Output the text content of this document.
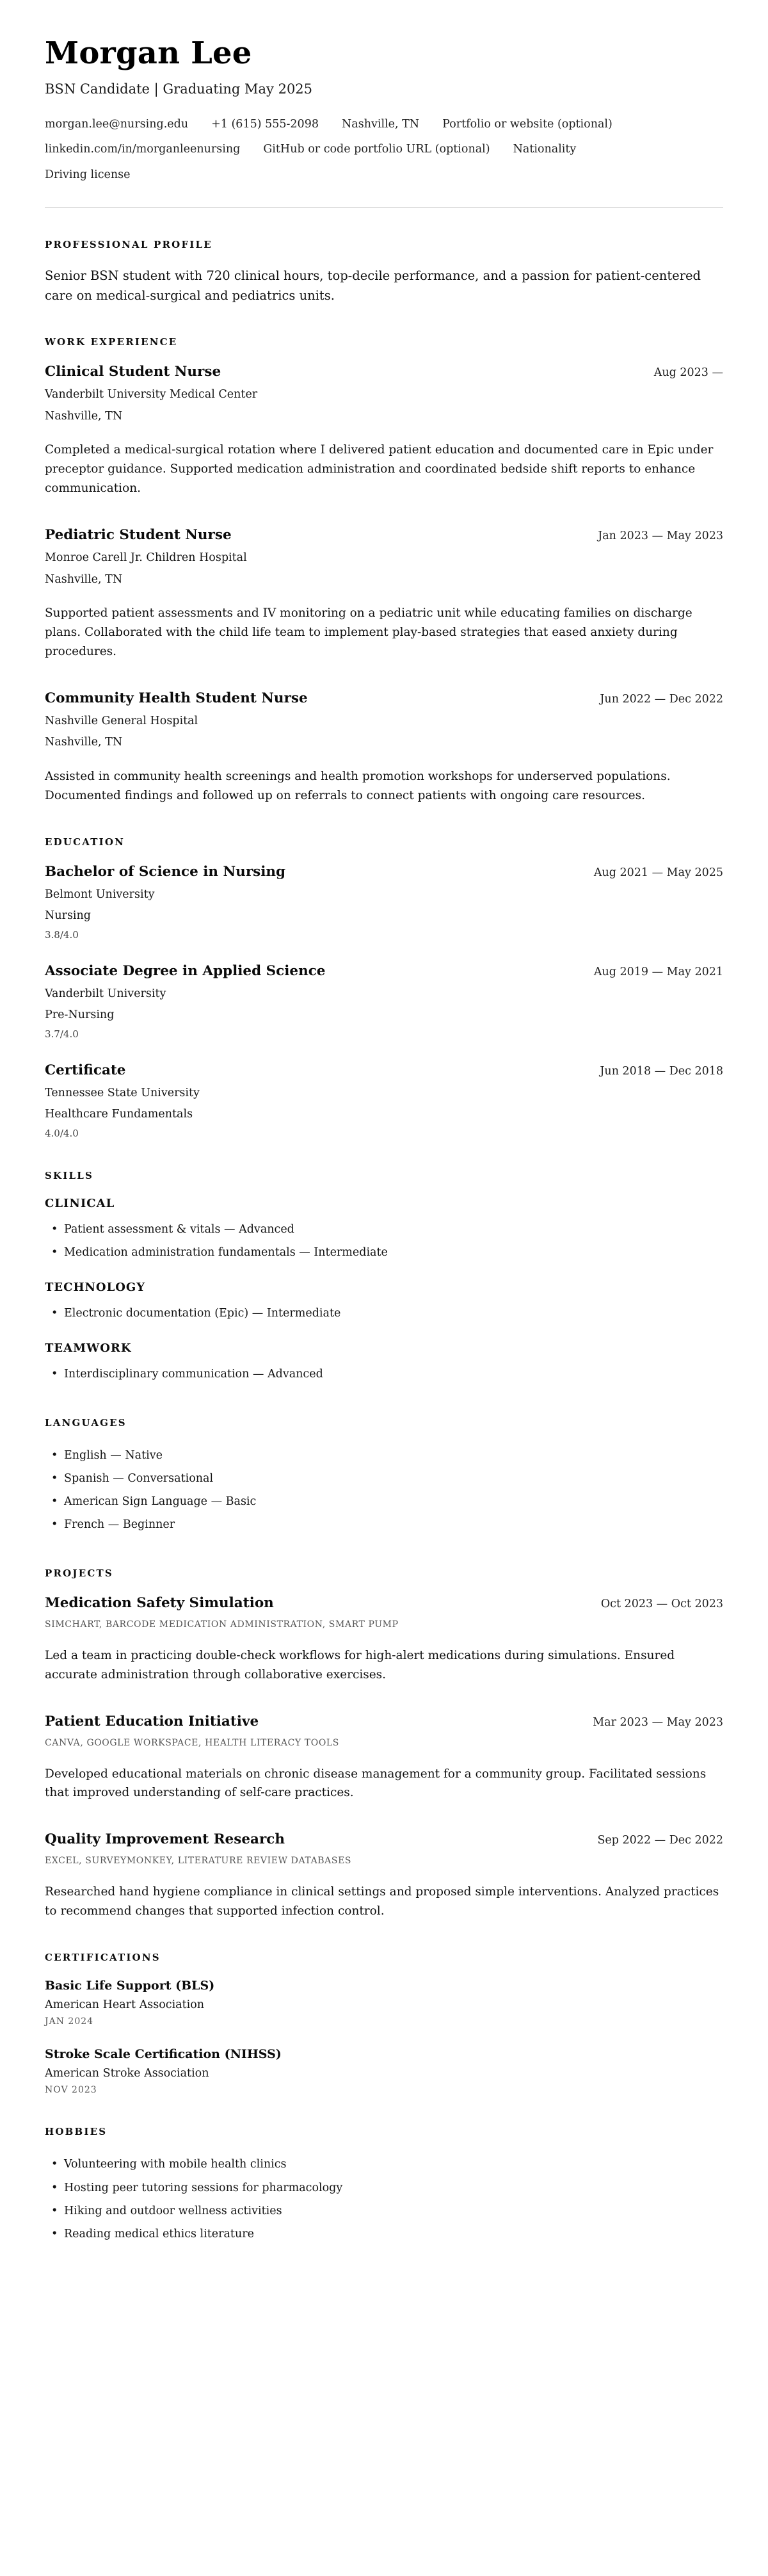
Morgan Lee

BSN Candidate | Graduating May 2025

morgan.lee@nursing.edu +1 (615) 555-2098 Nashville, TN Portfolio or website (optional)
linkedin.com/in/morganleenursing GitHub or code portfolio URL (optional) Nationality
Driving license
PROFESSIONAL PROFILE

Senior BSN student with 720 clinical hours, top-decile performance, and a passion for patient-centered care on medical-surgical and pediatrics units.

WORK EXPERIENCE
Clinical Student Nurse	Aug 2023 —

Vanderbilt University Medical Center

Nashville, TN

Completed a medical-surgical rotation where I delivered patient education and documented care in Epic under preceptor guidance. Supported medication administration and coordinated bedside shift reports to enhance communication.

Pediatric Student Nurse	Jan 2023 — May 2023

Monroe Carell Jr. Children Hospital

Nashville, TN

Supported patient assessments and IV monitoring on a pediatric unit while educating families on discharge plans. Collaborated with the child life team to implement play-based strategies that eased anxiety during procedures.

Community Health Student Nurse	Jun 2022 — Dec 2022

Nashville General Hospital

Nashville, TN

Assisted in community health screenings and health promotion workshops for underserved populations. Documented findings and followed up on referrals to connect patients with ongoing care resources.

EDUCATION
Bachelor of Science in Nursing	Aug 2021 — May 2025

Belmont University

Nursing

3.8/4.0

Associate Degree in Applied Science	Aug 2019 — May 2021

Vanderbilt University

Pre-Nursing

3.7/4.0

Certificate	Jun 2018 — Dec 2018

Tennessee State University

Healthcare Fundamentals

4.0/4.0

SKILLS
CLINICAL
• Patient assessment & vitals — Advanced
• Medication administration fundamentals — Intermediate
TECHNOLOGY
• Electronic documentation (Epic) — Intermediate
TEAMWORK
• Interdisciplinary communication — Advanced
LANGUAGES
• English — Native
• Spanish — Conversational
• American Sign Language — Basic
• French — Beginner
PROJECTS
Medication Safety Simulation	Oct 2023 — Oct 2023

SIMCHART, BARCODE MEDICATION ADMINISTRATION, SMART PUMP

Led a team in practicing double-check workflows for high-alert medications during simulations. Ensured accurate administration through collaborative exercises.

Patient Education Initiative	Mar 2023 — May 2023

CANVA, GOOGLE WORKSPACE, HEALTH LITERACY TOOLS

Developed educational materials on chronic disease management for a community group. Facilitated sessions that improved understanding of self-care practices.

Quality Improvement Research	Sep 2022 — Dec 2022

EXCEL, SURVEYMONKEY, LITERATURE REVIEW DATABASES

Researched hand hygiene compliance in clinical settings and proposed simple interventions. Analyzed practices to recommend changes that supported infection control.

CERTIFICATIONS
Basic Life Support (BLS)

American Heart Association

JAN 2024

Stroke Scale Certification (NIHSS)

American Stroke Association

NOV 2023

HOBBIES
• Volunteering with mobile health clinics
• Hosting peer tutoring sessions for pharmacology
• Hiking and outdoor wellness activities
• Reading medical ethics literature
